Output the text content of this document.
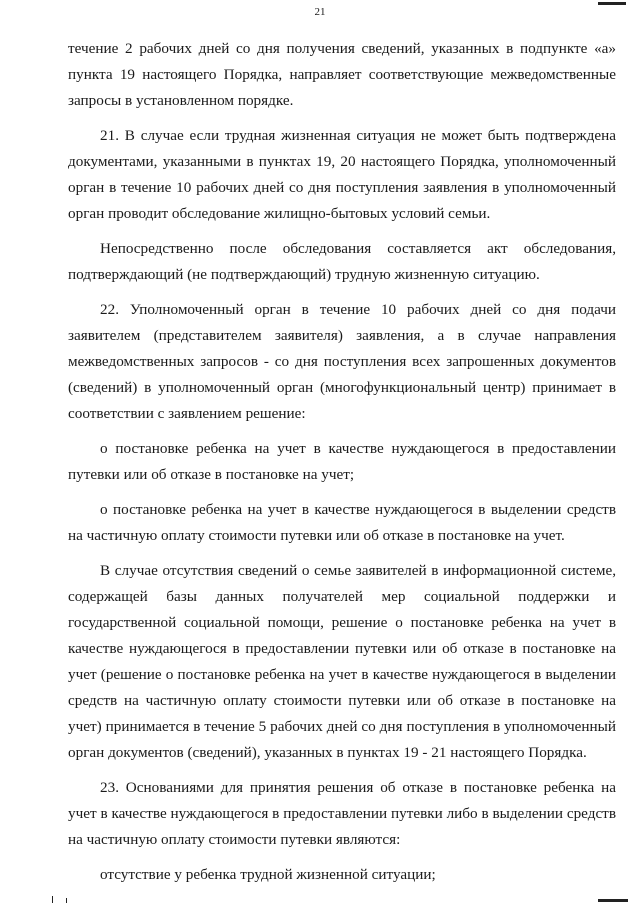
21

течение 2 рабочих дней со дня получения сведений, указанных в подпункте «а» пункта 19 настоящего Порядка, направляет соответствующие межведомственные запросы в установленном порядке.

21. В случае если трудная жизненная ситуация не может быть подтверждена документами, указанными в пунктах 19, 20 настоящего Порядка, уполномоченный орган в течение 10 рабочих дней со дня поступления заявления в уполномоченный орган проводит обследование жилищно-бытовых условий семьи.

Непосредственно после обследования составляется акт обследования, подтверждающий (не подтверждающий) трудную жизненную ситуацию.

22. Уполномоченный орган в течение 10 рабочих дней со дня подачи заявителем (представителем заявителя) заявления, а в случае направления межведомственных запросов - со дня поступления всех запрошенных документов (сведений) в уполномоченный орган (многофункциональный центр) принимает в соответствии с заявлением решение:

о постановке ребенка на учет в качестве нуждающегося в предоставлении путевки или об отказе в постановке на учет;

о постановке ребенка на учет в качестве нуждающегося в выделении средств на частичную оплату стоимости путевки или об отказе в постановке на учет.

В случае отсутствия сведений о семье заявителей в информационной системе, содержащей базы данных получателей мер социальной поддержки и государственной социальной помощи, решение о постановке ребенка на учет в качестве нуждающегося в предоставлении путевки или об отказе в постановке на учет (решение о постановке ребенка на учет в качестве нуждающегося в выделении средств на частичную оплату стоимости путевки или об отказе в постановке на учет) принимается в течение 5 рабочих дней со дня поступления в уполномоченный орган документов (сведений), указанных в пунктах 19 - 21 настоящего Порядка.

23. Основаниями для принятия решения об отказе в постановке ребенка на учет в качестве нуждающегося в предоставлении путевки либо в выделении средств на частичную оплату стоимости путевки являются:

отсутствие у ребенка трудной жизненной ситуации;
